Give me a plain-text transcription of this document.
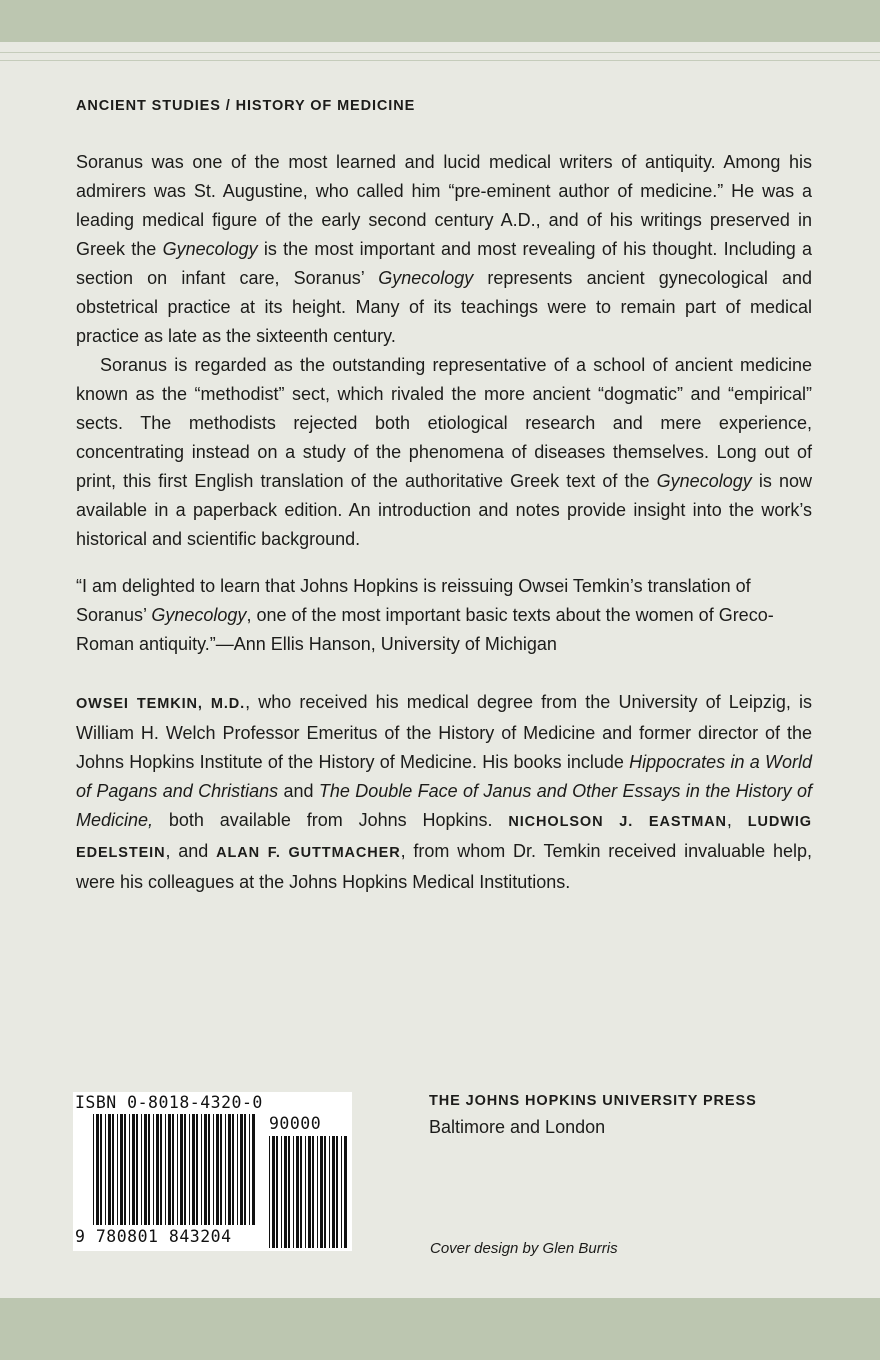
ANCIENT STUDIES / HISTORY OF MEDICINE

Soranus was one of the most learned and lucid medical writers of antiquity. Among his admirers was St. Augustine, who called him “pre-eminent author of medicine.” He was a leading medical figure of the early second century A.D., and of his writings preserved in Greek the Gynecology is the most important and most revealing of his thought. Including a section on infant care, Soranus’ Gynecology represents ancient gynecological and obstetrical practice at its height. Many of its teachings were to remain part of medical practice as late as the sixteenth century.

Soranus is regarded as the outstanding representative of a school of ancient medicine known as the “methodist” sect, which rivaled the more ancient “dogmatic” and “empirical” sects. The methodists rejected both etiological research and mere experience, concentrating instead on a study of the phenomena of diseases themselves. Long out of print, this first English translation of the authoritative Greek text of the Gynecology is now available in a paperback edition. An introduction and notes provide insight into the work’s historical and scientific background.

“I am delighted to learn that Johns Hopkins is reissuing Owsei Temkin’s translation of Soranus’ Gynecology, one of the most important basic texts about the women of Greco-Roman antiquity.”—Ann Ellis Hanson, University of Michigan
OWSEI TEMKIN, M.D., who received his medical degree from the University of Leipzig, is William H. Welch Professor Emeritus of the History of Medicine and former director of the Johns Hopkins Institute of the History of Medicine. His books include Hippocrates in a World of Pagans and Christians and The Double Face of Janus and Other Essays in the History of Medicine, both available from Johns Hopkins. NICHOLSON J. EASTMAN, LUDWIG EDELSTEIN, and ALAN F. GUTTMACHER, from whom Dr. Temkin received invaluable help, were his colleagues at the Johns Hopkins Medical Institutions.
ISBN 0-8018-4320-0
90000
9 780801 843204
THE JOHNS HOPKINS UNIVERSITY PRESS
Baltimore and London
Cover design by Glen Burris
